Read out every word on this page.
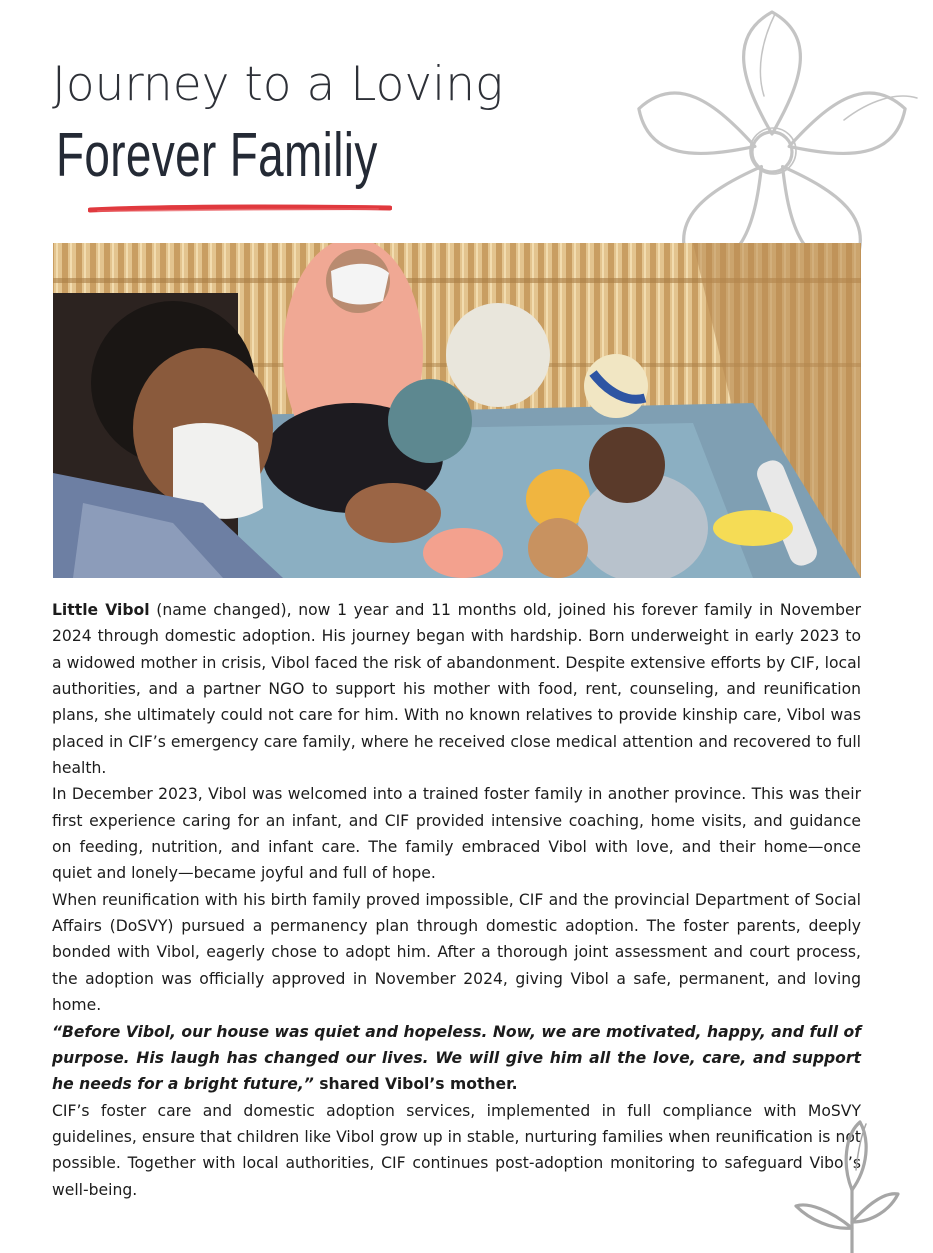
Journey to a Loving
Forever Familiy

Little Vibol (name changed), now 1 year and 11 months old, joined his forever family in November 2024 through domestic adoption. His journey began with hardship. Born underweight in early 2023 to a widowed mother in crisis, Vibol faced the risk of abandonment. Despite extensive efforts by CIF, local authorities, and a partner NGO to support his mother with food, rent, counseling, and reunification plans, she ultimately could not care for him. With no known relatives to provide kinship care, Vibol was placed in CIF’s emergency care family, where he received close medical attention and recovered to full health.

In December 2023, Vibol was welcomed into a trained foster family in another province. This was their first experience caring for an infant, and CIF provided intensive coaching, home visits, and guidance on feeding, nutrition, and infant care. The family embraced Vibol with love, and their home—once quiet and lonely—became joyful and full of hope.

When reunification with his birth family proved impossible, CIF and the provincial Department of Social Affairs (DoSVY) pursued a permanency plan through domestic adoption. The foster parents, deeply bonded with Vibol, eagerly chose to adopt him. After a thorough joint assessment and court process, the adoption was officially approved in November 2024, giving Vibol a safe, permanent, and loving home.

“Before Vibol, our house was quiet and hopeless. Now, we are motivated, happy, and full of purpose. His laugh has changed our lives. We will give him all the love, care, and support he needs for a bright future,” shared Vibol’s mother.

CIF’s foster care and domestic adoption services, implemented in full compliance with MoSVY guidelines, ensure that children like Vibol grow up in stable, nurturing families when reunification is not possible. Together with local authorities, CIF continues post-adoption monitoring to safeguard Vibol’s well-being.
